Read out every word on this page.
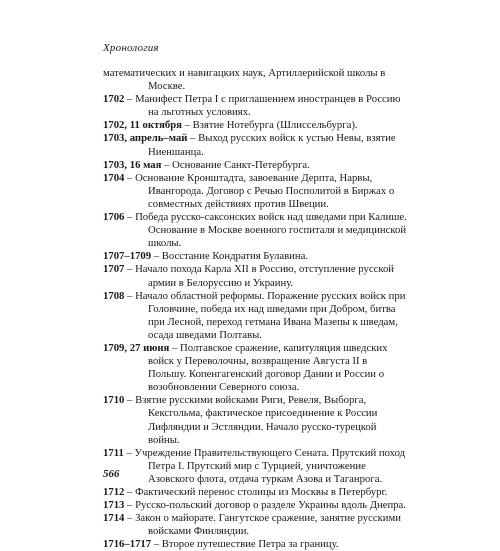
Хронология

математических и навигацких наук, Артиллерийской школы в Москве.

1702 – Манифест Петра I с приглашением иностранцев в Россию на льготных условиях.

1702, 11 октября – Взятие Нотебурга (Шлиссельбурга).

1703, апрель–май – Выход русских войск к устью Невы, взятие Ниеншанца.

1703, 16 мая – Основание Санкт-Петербурга.

1704 – Основание Кронштадта, завоевание Дерпта, Нарвы, Ивангорода. Договор с Речью Посполитой в Биржах о совместных действиях против Швеции.

1706 – Победа русско-саксонских войск над шведами при Калише. Основание в Москве военного госпиталя и медицинской школы.

1707–1709 – Восстание Кондратия Булавина.

1707 – Начало похода Карла XII в Россию, отступление русской армии в Белоруссию и Украину.

1708 – Начало областной реформы. Поражение русских войск при Головчине, победа их над шведами при Добром, битва при Лесной, переход гетмана Ивана Мазепы к шведам, осада шведами Полтавы.

1709, 27 июня – Полтавское сражение, капитуляция шведских войск у Переволочны, возвращение Августа II в Польшу. Копенгагенский договор Дании и России о возобновлении Северного союза.

1710 – Взятие русскими войсками Риги, Ревеля, Выборга, Кексгольма, фактическое присоединение к России Лифляндии и Эстляндии. Начало русско-турецкой войны.

1711 – Учреждение Правительствующего Сената. Прутский поход Петра I. Прутский мир с Турцией, уничтожение Азовского флота, отдача туркам Азова и Таганрога.

1712 – Фактический перенос столицы из Москвы в Петербург.

1713 – Русско-польский договор о разделе Украины вдоль Днепра.

1714 – Закон о майорате. Гангутское сражение, занятие русскими войсками Финляндии.

1716–1717 – Второе путешествие Петра за границу.

566
